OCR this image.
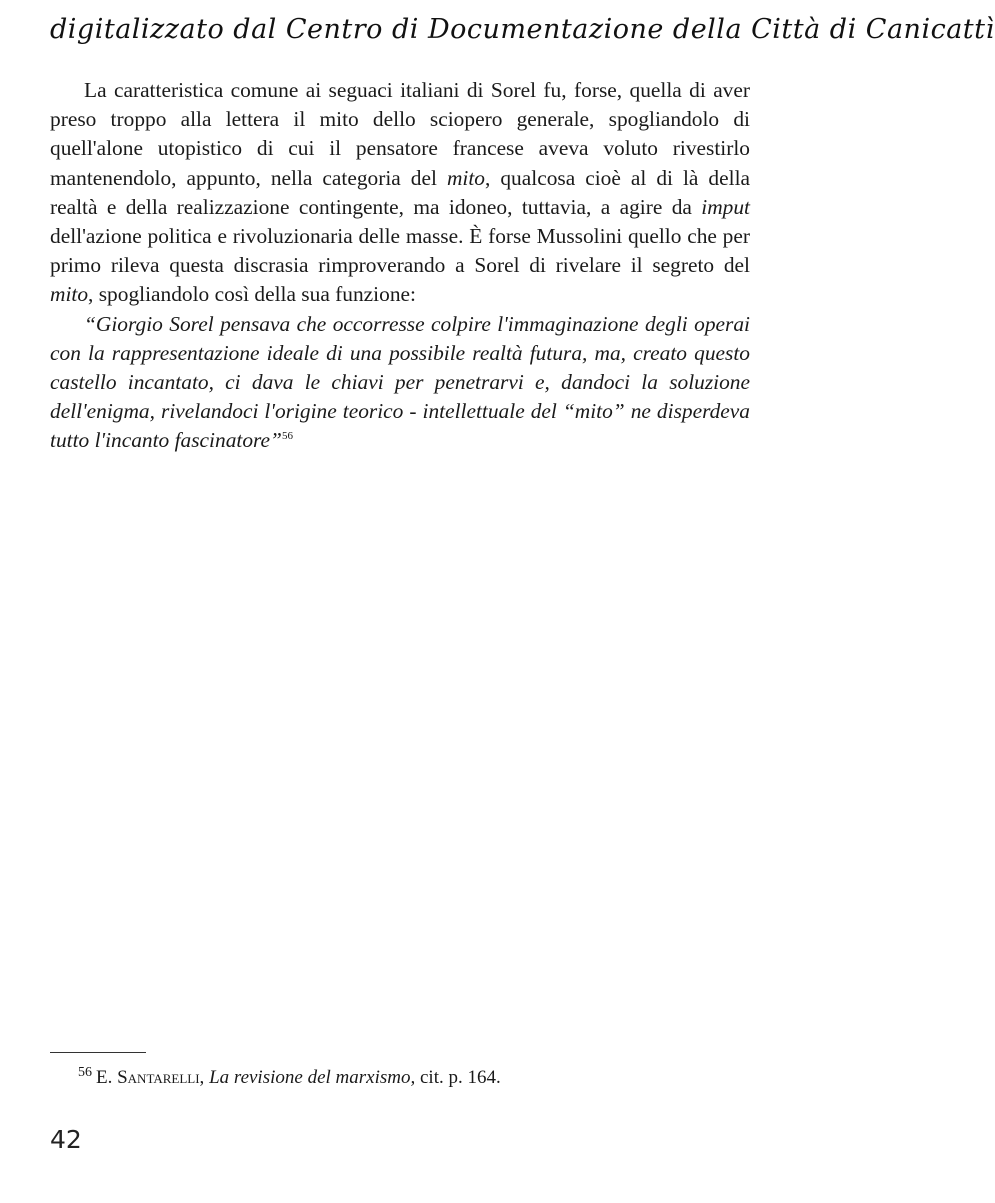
digitalizzato dal Centro di Documentazione della Città di Canicattì

La caratteristica comune ai seguaci italiani di Sorel fu, forse, quella di aver preso troppo alla lettera il mito dello sciopero generale, spogliandolo di quell'alone utopistico di cui il pensatore francese aveva voluto rivestirlo mantenendolo, appunto, nella categoria del mito, qualcosa cioè al di là della realtà e della realizzazione contingente, ma idoneo, tuttavia, a agire da imput dell'azione politica e rivoluzionaria delle masse. È forse Mussolini quello che per primo rileva questa discrasia rimproverando a Sorel di rivelare il segreto del mito, spogliandolo così della sua funzione:

“Giorgio Sorel pensava che occorresse colpire l'immaginazione degli operai con la rappresentazione ideale di una possibile realtà futura, ma, creato questo castello incantato, ci dava le chiavi per penetrarvi e, dandoci la soluzione dell'enigma, rivelandoci l'origine teorico - intellettuale del “mito” ne disperdeva tutto l'incanto fascinatore”$^{56}$

$^{56}$ E. Santarelli, La revisione del marxismo, cit. p. 164.
42
